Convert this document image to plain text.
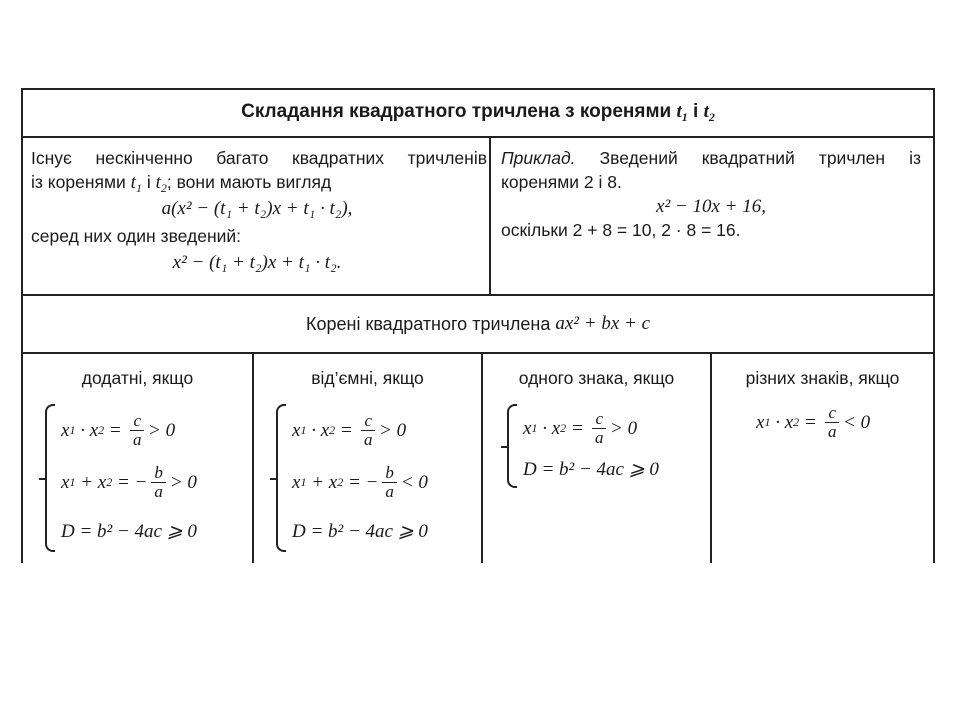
Складання квадратного тричлена з коренями $t_1$ і $t_2$
Існує нескінченно багато квадратних тричленів
із коренями $t_1$ і $t_2$; вони мають вигляд
a(x² − (t₁ + t₂)x + t₁ · t₂),
серед них один зведений:
x² − (t₁ + t₂)x + t₁ · t₂.
Приклад. Зведений квадратний тричлен із
коренями 2 і 8.
x² − 10x + 16,
оскільки 2 + 8 = 10, 2 · 8 = 16.
Корені квадратного тричлена
ax² + bx + c
додатні, якщо
x 1 · x $2 = \frac{c}{a} > 0$
x 1 + x 2 = − $\frac{b}{a} > 0$
D = b² − 4ac ⩾ 0
від’ємні, якщо
x 1 · x $2 = \frac{c}{a} > 0$
x 1 + x 2 = − $\frac{b}{a} < 0$
D = b² − 4ac ⩾ 0
одного знака, якщо
x 1 · x $2 = \frac{c}{a} > 0$
D = b² − 4ac ⩾ 0
різних знаків, якщо
x 1 · x $2 = \frac{c}{a} < 0$
